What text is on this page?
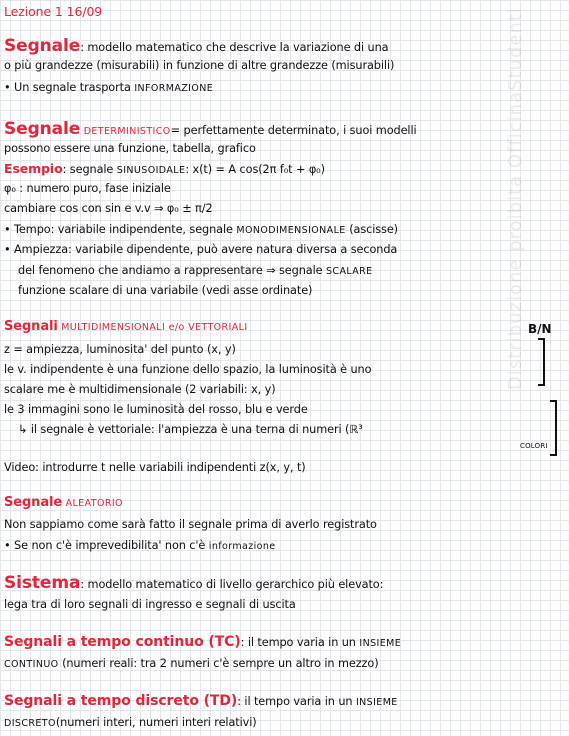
Distribuzione proibita OfficinaStudenti
Lezione 1 16/09
Segnale: modello matematico che descrive la variazione di una
o più grandezze (misurabili) in funzione di altre grandezze (misurabili)
• Un segnale trasporta INFORMAZIONE
Segnale DETERMINISTICO= perfettamente determinato, i suoi modelli
possono essere una funzione, tabella, grafico
Esempio: segnale SINUSOIDALE: x(t) = A cos(2π f₀t + φ₀)
φ₀ : numero puro, fase iniziale
cambiare cos con sin e v.v ⇒ φ₀ ± π/2
• Tempo: variabile indipendente, segnale MONODIMENSIONALE (ascisse)
• Ampiezza: variabile dipendente, può avere natura diversa a seconda
del fenomeno che andiamo a rappresentare ⇒ segnale SCALARE
funzione scalare di una variabile (vedi asse ordinate)
Segnali MULTIDIMENSIONALI e/o VETTORIALI	B/N
z = ampiezza, luminosita' del punto (x, y)
le v. indipendente è una funzione dello spazio, la luminosità è uno
scalare me è multidimensionale (2 variabili: x, y)
le 3 immagini sono le luminosità del rosso, blu e verde
↳ il segnale è vettoriale: l'ampiezza è una terna di numeri (ℝ³
COLORI
Video: introdurre t nelle variabili indipendenti z(x, y, t)
Segnale ALEATORIO
Non sappiamo come sarà fatto il segnale prima di averlo registrato
• Se non c'è imprevedibilita' non c'è informazione
Sistema: modello matematico di livello gerarchico più elevato:
lega tra di loro segnali di ingresso e segnali di uscita
Segnali a tempo continuo (TC): il tempo varia in un INSIEME
CONTINUO (numeri reali: tra 2 numeri c'è sempre un altro in mezzo)
Segnali a tempo discreto (TD): il tempo varia in un INSIEME
DISCRETO(numeri interi, numeri interi relativi)
